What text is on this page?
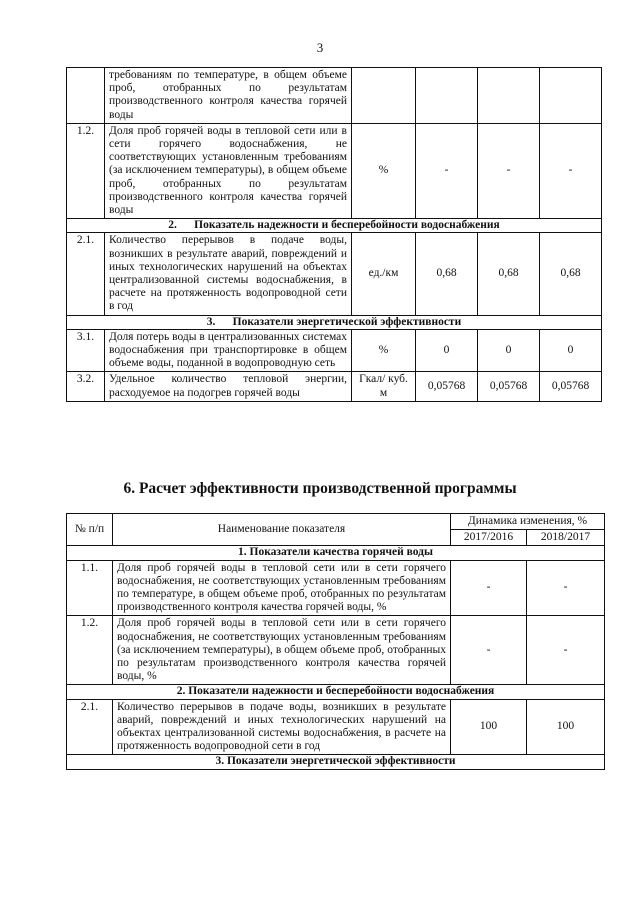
3
	требованиям по температуре, в общем объеме проб, отобранных по результатам производственного контроля качества горячей воды				
1.2.	Доля проб горячей воды в тепловой сети или в сети горячего водоснабжения, не соответствующих установленным требованиям (за исключением температуры), в общем объеме проб, отобранных по результатам производственного контроля качества горячей воды	%	-	-	-
2.      Показатель надежности и бесперебойности водоснабжения					
2.1.	Количество перерывов в подаче воды, возникших в результате аварий, повреждений и иных технологических нарушений на объектах централизованной системы водоснабжения, в расчете на протяженность водопроводной сети в год	ед./км	0,68	0,68	0,68
3.      Показатели энергетической эффективности					
3.1.	Доля потерь воды в централизованных системах водоснабжения при транспортировке в общем объеме воды, поданной в водопроводную сеть	%	0	0	0
3.2.	Удельное количество тепловой энергии, расходуемое на подогрев горячей воды	Гкал/ куб. м	0,05768	0,05768	0,05768
6. Расчет эффективности производственной программы
№ п/п	Наименование показателя	Динамика изменения, %	
		2017/2016	2018/2017
1. Показатели качества горячей воды			
1.1.	Доля проб горячей воды в тепловой сети или в сети горячего водоснабжения, не соответствующих установленным требованиям по температуре, в общем объеме проб, отобранных по результатам производственного контроля качества горячей воды, %	-	-
1.2.	Доля проб горячей воды в тепловой сети или в сети горячего водоснабжения, не соответствующих установленным требованиям (за исключением температуры), в общем объеме проб, отобранных по результатам производственного контроля качества горячей воды, %	-	-
2. Показатели надежности и бесперебойности водоснабжения			
2.1.	Количество перерывов в подаче воды, возникших в результате аварий, повреждений и иных технологических нарушений на объектах централизованной системы водоснабжения, в расчете на протяженность водопроводной сети в год	100	100
3. Показатели энергетической эффективности			
